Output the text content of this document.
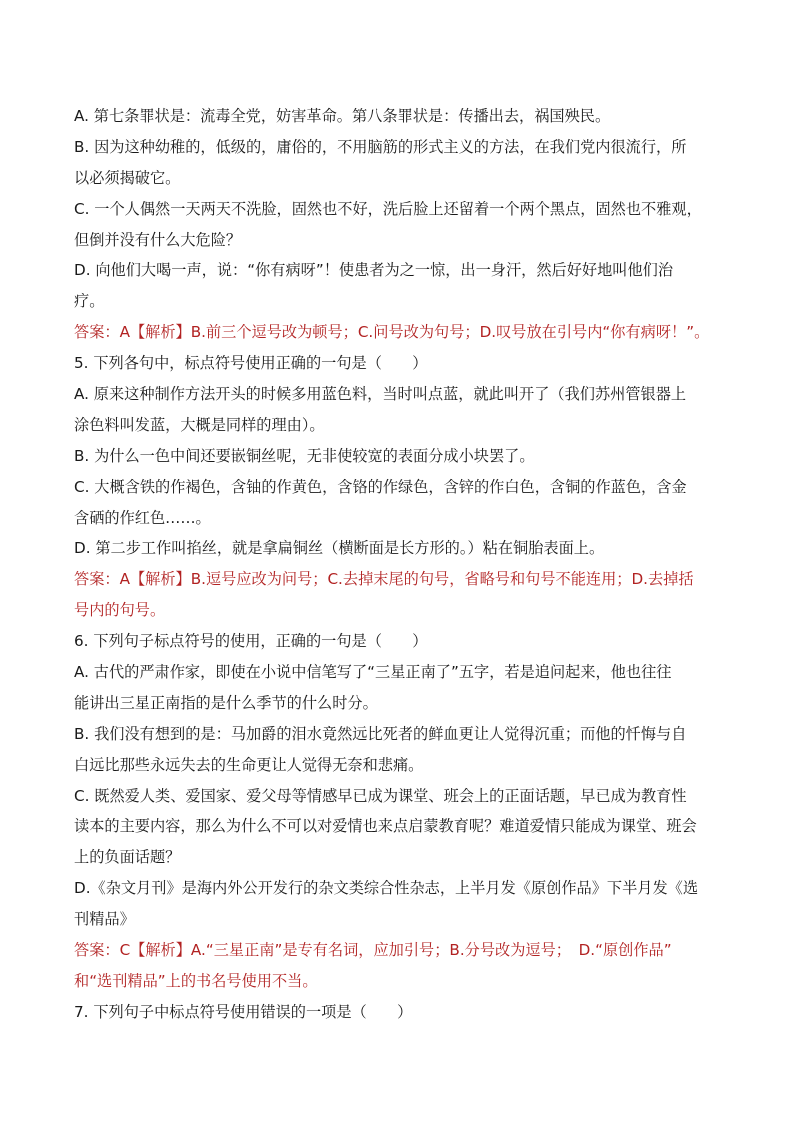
A. 第七条罪状是：流毒全党，妨害革命。第八条罪状是：传播出去，祸国殃民。
B. 因为这种幼稚的，低级的，庸俗的，不用脑筋的形式主义的方法，在我们党内很流行，所
以必须揭破它。
C. 一个人偶然一天两天不洗脸，固然也不好，洗后脸上还留着一个两个黑点，固然也不雅观，
但倒并没有什么大危险？
D. 向他们大喝一声，说：“你有病呀”！使患者为之一惊，出一身汗，然后好好地叫他们治
疗。
答案：A【解析】B.前三个逗号改为顿号；C.问号改为句号；D.叹号放在引号内“你有病呀！”。
5. 下列各句中，标点符号使用正确的一句是（　　）
A. 原来这种制作方法开头的时候多用蓝色料，当时叫点蓝，就此叫开了（我们苏州管银器上
涂色料叫发蓝，大概是同样的理由）。
B. 为什么一色中间还要嵌铜丝呢，无非使较宽的表面分成小块罢了。
C. 大概含铁的作褐色，含铀的作黄色，含铬的作绿色，含锌的作白色，含铜的作蓝色，含金
含硒的作红色……。
D. 第二步工作叫掐丝，就是拿扁铜丝（横断面是长方形的。）粘在铜胎表面上。
答案：A【解析】B.逗号应改为问号；C.去掉末尾的句号，省略号和句号不能连用；D.去掉括
号内的句号。
6. 下列句子标点符号的使用，正确的一句是（　　）
A. 古代的严肃作家，即使在小说中信笔写了“三星正南了”五字，若是追问起来，他也往往
能讲出三星正南指的是什么季节的什么时分。
B. 我们没有想到的是：马加爵的泪水竟然远比死者的鲜血更让人觉得沉重；而他的忏悔与自
白远比那些永远失去的生命更让人觉得无奈和悲痛。
C. 既然爱人类、爱国家、爱父母等情感早已成为课堂、班会上的正面话题，早已成为教育性
读本的主要内容，那么为什么不可以对爱情也来点启蒙教育呢？难道爱情只能成为课堂、班会
上的负面话题？
D.《杂文月刊》是海内外公开发行的杂文类综合性杂志，上半月发《原创作品》下半月发《选
刊精品》
答案：C【解析】A.“三星正南”是专有名词，应加引号；B.分号改为逗号；　D.“原创作品”
和“选刊精品”上的书名号使用不当。
7. 下列句子中标点符号使用错误的一项是（　　）
